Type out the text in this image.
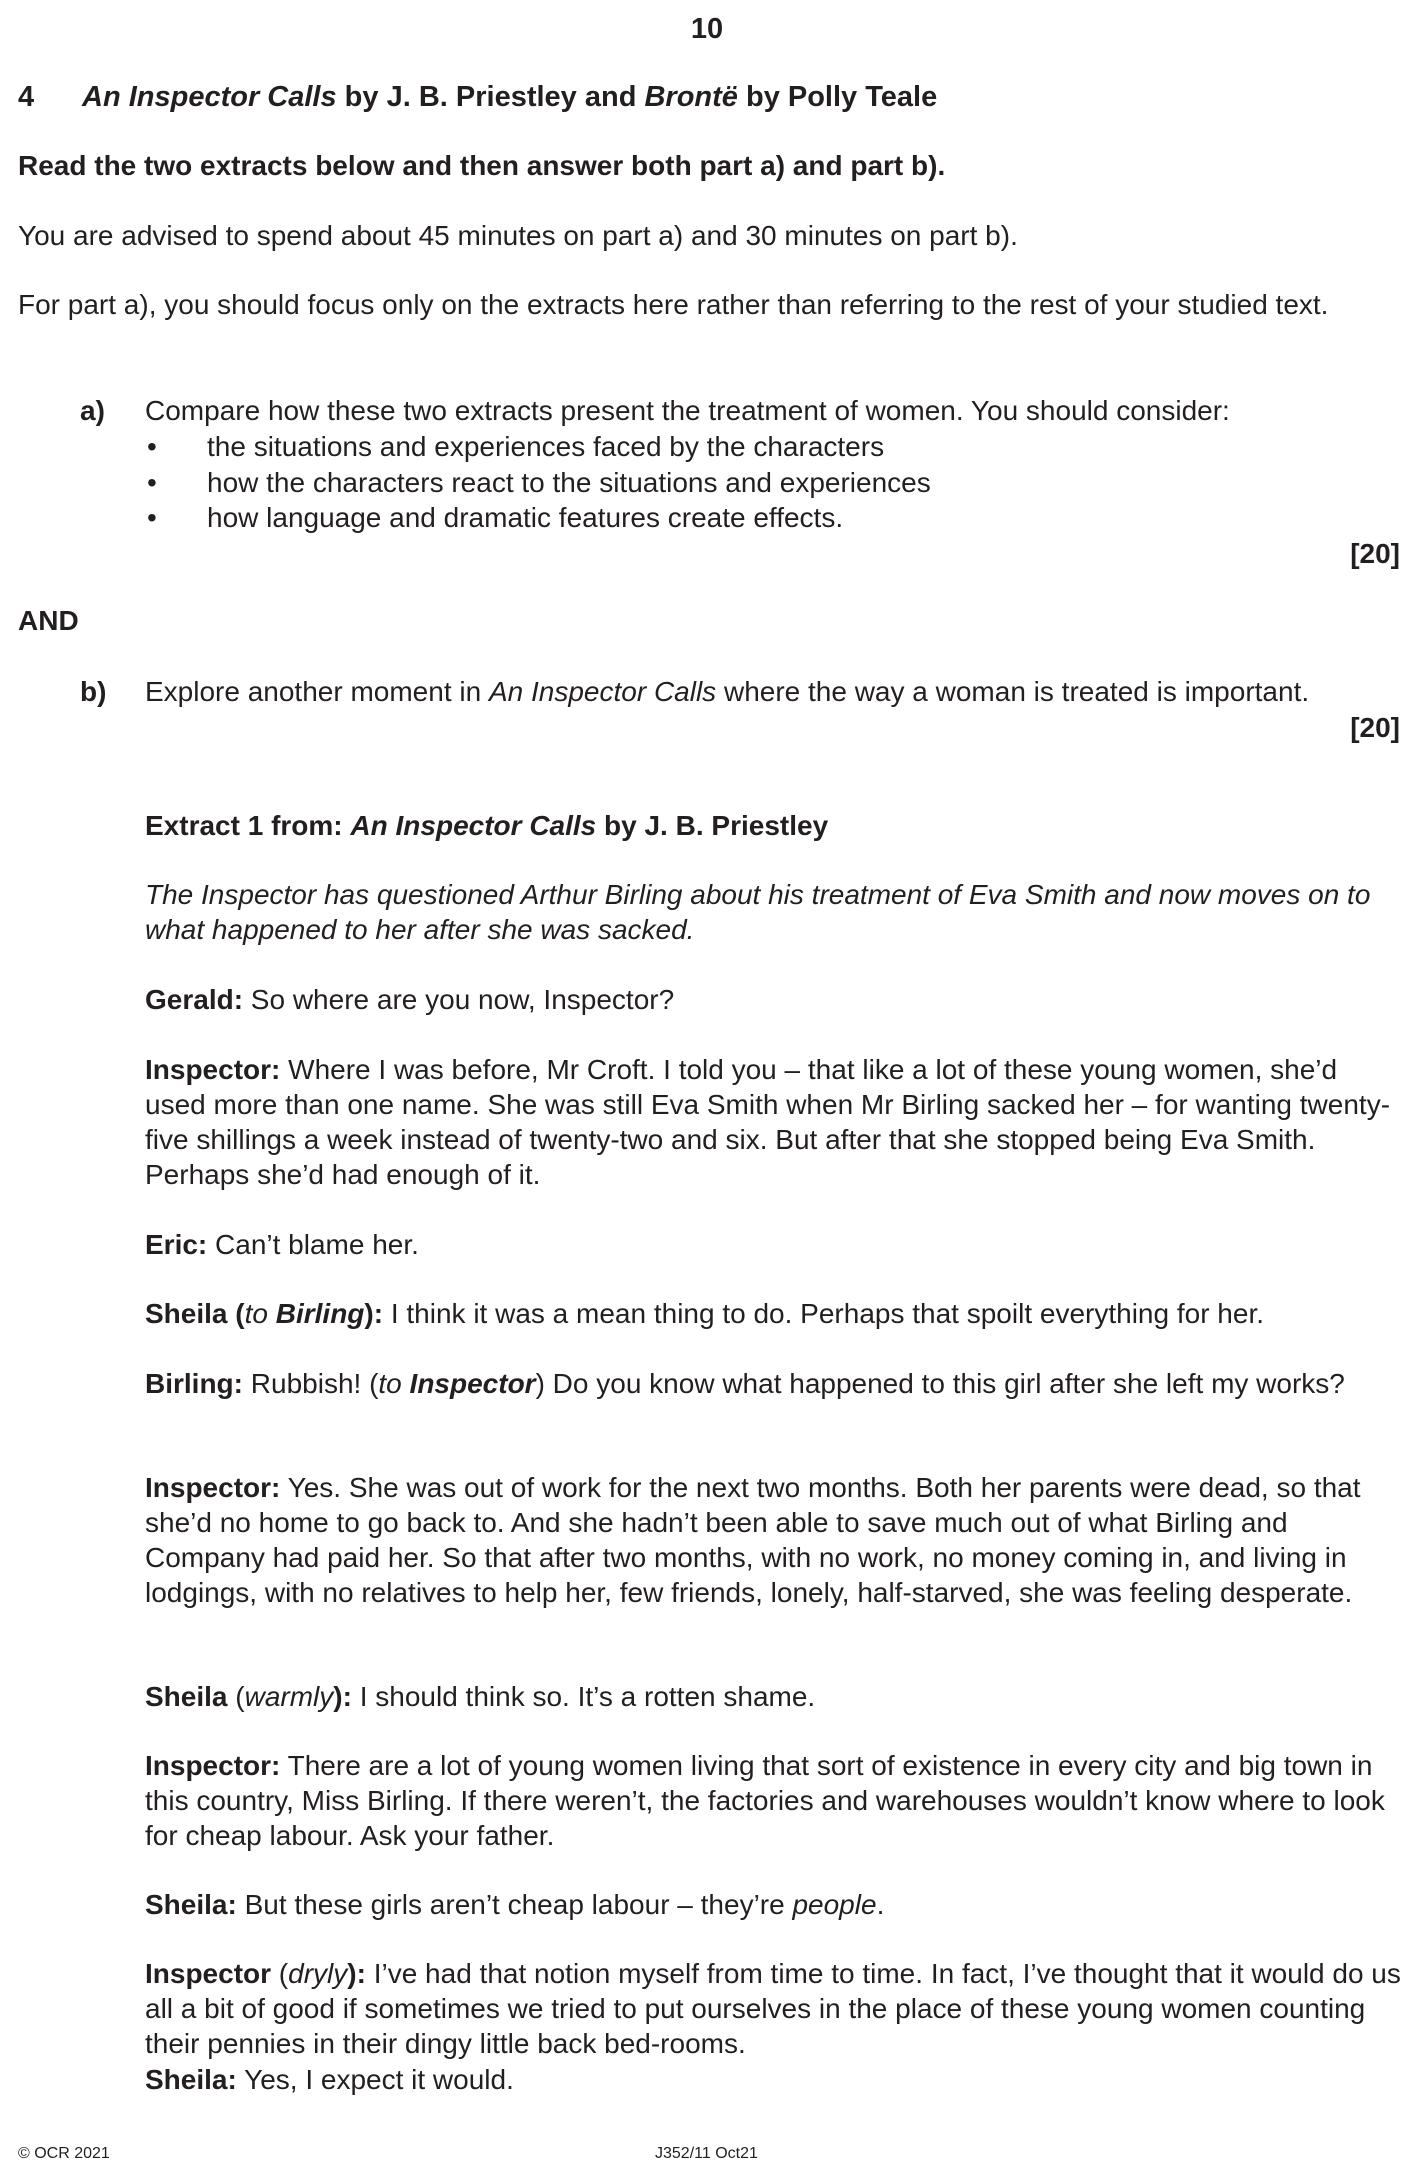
10
4 An Inspector Calls by J. B. Priestley and Brontë by Polly Teale
Read the two extracts below and then answer both part a) and part b).
You are advised to spend about 45 minutes on part a) and 30 minutes on part b).
For part a), you should focus only on the extracts here rather than referring to the rest of your studied text.
a) Compare how these two extracts present the treatment of women. You should consider:
• the situations and experiences faced by the characters
• how the characters react to the situations and experiences
• how language and dramatic features create effects.
[20]
AND
b) Explore another moment in An Inspector Calls where the way a woman is treated is important.
[20]
Extract 1 from: An Inspector Calls by J. B. Priestley
The Inspector has questioned Arthur Birling about his treatment of Eva Smith and now moves on to what happened to her after she was sacked.
Gerald: So where are you now, Inspector?
Inspector: Where I was before, Mr Croft. I told you – that like a lot of these young women, she’d used more than one name. She was still Eva Smith when Mr Birling sacked her – for wanting twenty-five shillings a week instead of twenty-two and six. But after that she stopped being Eva Smith. Perhaps she’d had enough of it.
Eric: Can’t blame her.
Sheila (to Birling): I think it was a mean thing to do. Perhaps that spoilt everything for her.
Birling: Rubbish! (to Inspector) Do you know what happened to this girl after she left my works?
Inspector: Yes. She was out of work for the next two months. Both her parents were dead, so that she’d no home to go back to. And she hadn’t been able to save much out of what Birling and Company had paid her. So that after two months, with no work, no money coming in, and living in lodgings, with no relatives to help her, few friends, lonely, half-starved, she was feeling desperate.
Sheila (warmly): I should think so. It’s a rotten shame.
Inspector: There are a lot of young women living that sort of existence in every city and big town in this country, Miss Birling. If there weren’t, the factories and warehouses wouldn’t know where to look for cheap labour. Ask your father.
Sheila: But these girls aren’t cheap labour – they’re people.
Inspector (dryly): I’ve had that notion myself from time to time. In fact, I’ve thought that it would do us all a bit of good if sometimes we tried to put ourselves in the place of these young women counting their pennies in their dingy little back bed-rooms.
Sheila: Yes, I expect it would.
© OCR 2021	J352/11 Oct21
